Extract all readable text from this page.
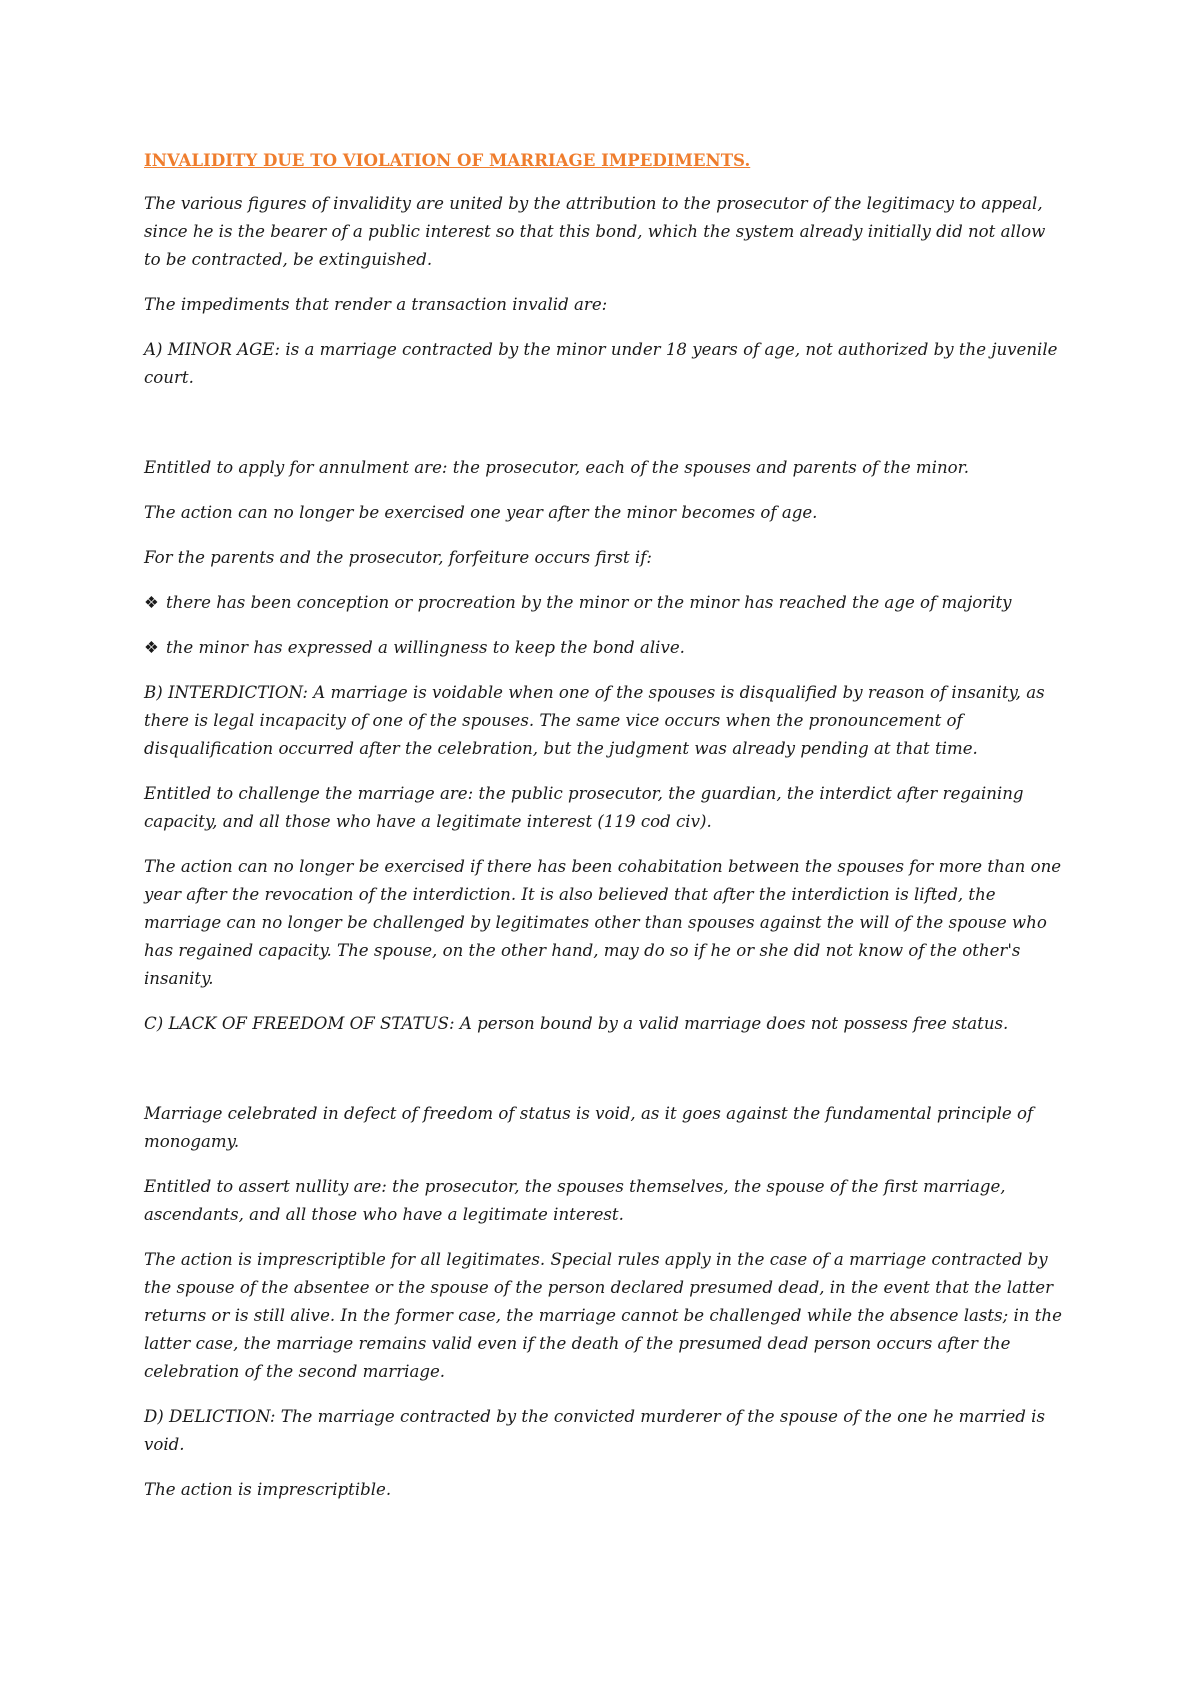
INVALIDITY DUE TO VIOLATION OF MARRIAGE IMPEDIMENTS.

The various figures of invalidity are united by the attribution to the prosecutor of the legitimacy to appeal, since he is the bearer of a public interest so that this bond, which the system already initially did not allow to be contracted, be extinguished.

The impediments that render a transaction invalid are:

A) MINOR AGE: is a marriage contracted by the minor under 18 years of age, not authorized by the juvenile court.

Entitled to apply for annulment are: the prosecutor, each of the spouses and parents of the minor.

The action can no longer be exercised one year after the minor becomes of age.

For the parents and the prosecutor, forfeiture occurs first if:

❖ there has been conception or procreation by the minor or the minor has reached the age of majority

❖ the minor has expressed a willingness to keep the bond alive.

B) INTERDICTION: A marriage is voidable when one of the spouses is disqualified by reason of insanity, as there is legal incapacity of one of the spouses. The same vice occurs when the pronouncement of disqualification occurred after the celebration, but the judgment was already pending at that time.

Entitled to challenge the marriage are: the public prosecutor, the guardian, the interdict after regaining capacity, and all those who have a legitimate interest (119 cod civ).

The action can no longer be exercised if there has been cohabitation between the spouses for more than one year after the revocation of the interdiction. It is also believed that after the interdiction is lifted, the marriage can no longer be challenged by legitimates other than spouses against the will of the spouse who has regained capacity. The spouse, on the other hand, may do so if he or she did not know of the other's insanity.

C) LACK OF FREEDOM OF STATUS: A person bound by a valid marriage does not possess free status.

Marriage celebrated in defect of freedom of status is void, as it goes against the fundamental principle of monogamy.

Entitled to assert nullity are: the prosecutor, the spouses themselves, the spouse of the first marriage, ascendants, and all those who have a legitimate interest.

The action is imprescriptible for all legitimates. Special rules apply in the case of a marriage contracted by the spouse of the absentee or the spouse of the person declared presumed dead, in the event that the latter returns or is still alive. In the former case, the marriage cannot be challenged while the absence lasts; in the latter case, the marriage remains valid even if the death of the presumed dead person occurs after the celebration of the second marriage.

D) DELICTION: The marriage contracted by the convicted murderer of the spouse of the one he married is void.

The action is imprescriptible.
